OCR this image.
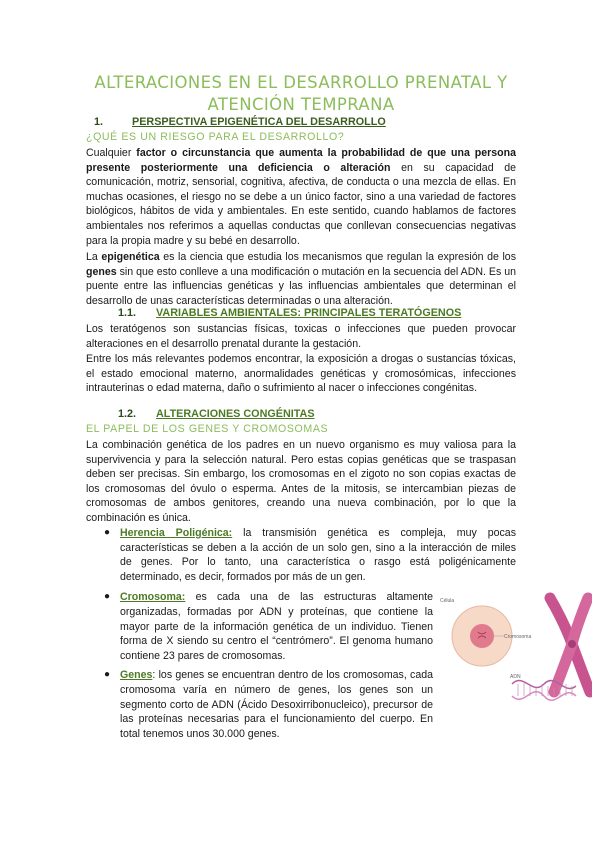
ALTERACIONES EN EL DESARROLLO PRENATAL Y
ATENCIÓN TEMPRANA
1.	PERSPECTIVA EPIGENÉTICA DEL DESARROLLO
¿QUÉ ES UN RIESGO PARA EL DESARROLLO?

Cualquier factor o circunstancia que aumenta la probabilidad de que una persona presente posteriormente una deficiencia o alteración en su capacidad de comunicación, motriz, sensorial, cognitiva, afectiva, de conducta o una mezcla de ellas. En muchas ocasiones, el riesgo no se debe a un único factor, sino a una variedad de factores biológicos, hábitos de vida y ambientales. En este sentido, cuando hablamos de factores ambientales nos referimos a aquellas conductas que conllevan consecuencias negativas para la propia madre y su bebé en desarrollo.

La epigenética es la ciencia que estudia los mecanismos que regulan la expresión de los genes sin que esto conlleve a una modificación o mutación en la secuencia del ADN. Es un puente entre las influencias genéticas y las influencias ambientales que determinan el desarrollo de unas características determinadas o una alteración.

1.1. VARIABLES AMBIENTALES: PRINCIPALES TERATÓGENOS

Los teratógenos son sustancias físicas, toxicas o infecciones que pueden provocar alteraciones en el desarrollo prenatal durante la gestación.

Entre los más relevantes podemos encontrar, la exposición a drogas o sustancias tóxicas, el estado emocional materno, anormalidades genéticas y cromosómicas, infecciones intrauterinas o edad materna, daño o sufrimiento al nacer o infecciones congénitas.

1.2. ALTERACIONES CONGÉNITAS
EL PAPEL DE LOS GENES Y CROMOSOMAS

La combinación genética de los padres en un nuevo organismo es muy valiosa para la supervivencia y para la selección natural. Pero estas copias genéticas que se traspasan deben ser precisas. Sin embargo, los cromosomas en el zigoto no son copias exactas de los cromosomas del óvulo o esperma. Antes de la mitosis, se intercambian piezas de cromosomas de ambos genitores, creando una nueva combinación, por lo que la combinación es única.

● Herencia Poligénica: la transmisión genética es compleja, muy pocas características se deben a la acción de un solo gen, sino a la interacción de miles de genes. Por lo tanto, una característica o rasgo está poligénicamente determinado, es decir, formados por más de un gen.
● Cromosoma: es cada una de las estructuras altamente organizadas, formadas por ADN y proteínas, que contiene la mayor parte de la información genética de un individuo. Tienen forma de X siendo su centro el “centrómero”. El genoma humano contiene 23 pares de cromosomas.
● Genes: los genes se encuentran dentro de los cromosomas, cada cromosoma varía en número de genes, los genes son un segmento corto de ADN (Ácido Desoxirribonucleico), precursor de las proteínas necesarias para el funcionamiento del cuerpo. En total tenemos unos 30.000 genes.
Célula
Cromosoma
ADN
